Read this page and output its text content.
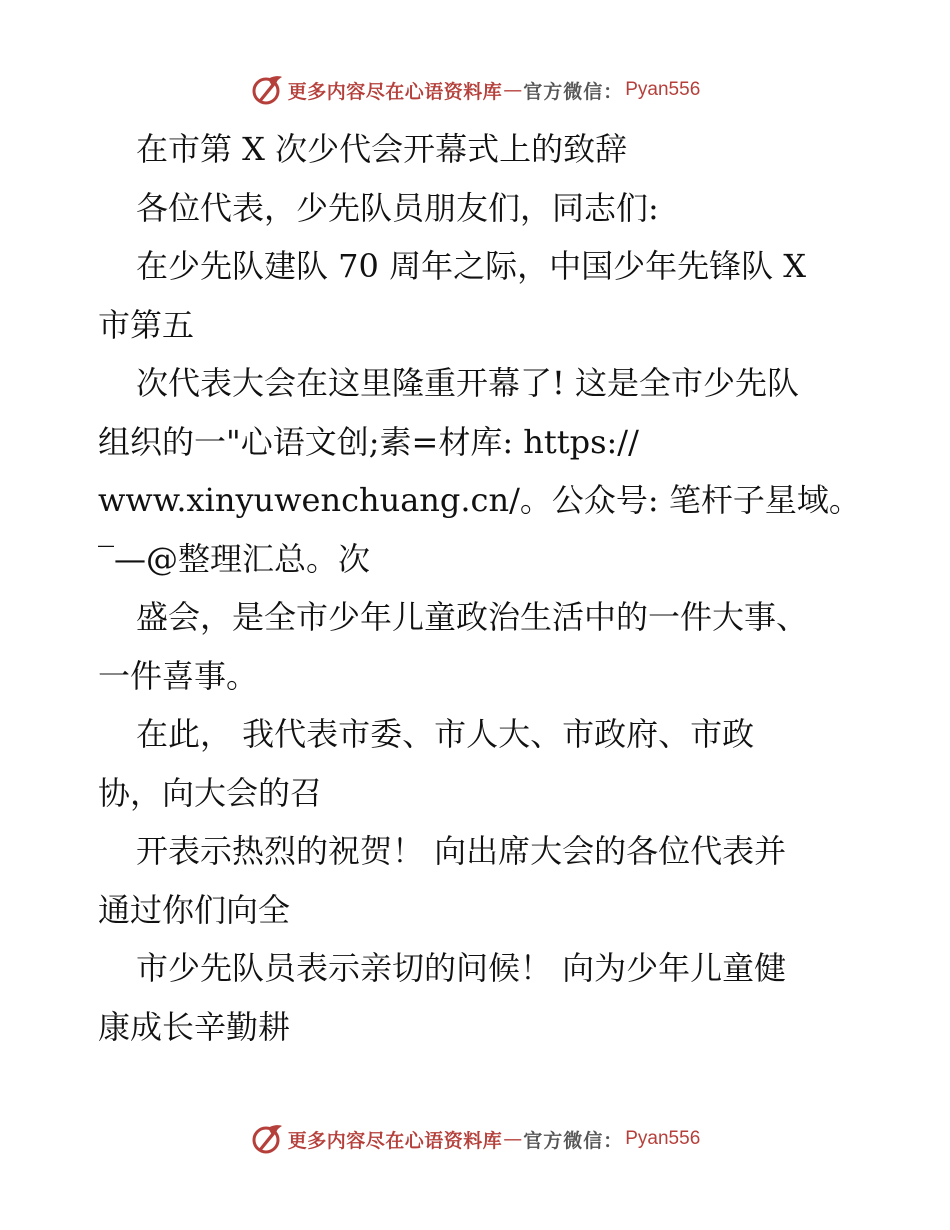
更多内容尽在心语资料库 — 官方微信： Pyan556
在市第 X 次少代会开幕式上的致辞
各位代表，少先队员朋友们，同志们:
在少先队建队 70 周年之际，中国少年先锋队 X
市第五
次代表大会在这里隆重开幕了! 这是全市少先队
组织的一"心语文创;素=材库: https://
www.xinyuwenchuang.cn/。公众号: 笔杆子星域。
‾—@整理汇总。次
盛会，是全市少年儿童政治生活中的一件大事、
一件喜事。
在此， 我代表市委、市人大、市政府、市政
协，向大会的召
开表示热烈的祝贺！ 向出席大会的各位代表并
通过你们向全
市少先队员表示亲切的问候！ 向为少年儿童健
康成长辛勤耕
更多内容尽在心语资料库 — 官方微信： Pyan556
